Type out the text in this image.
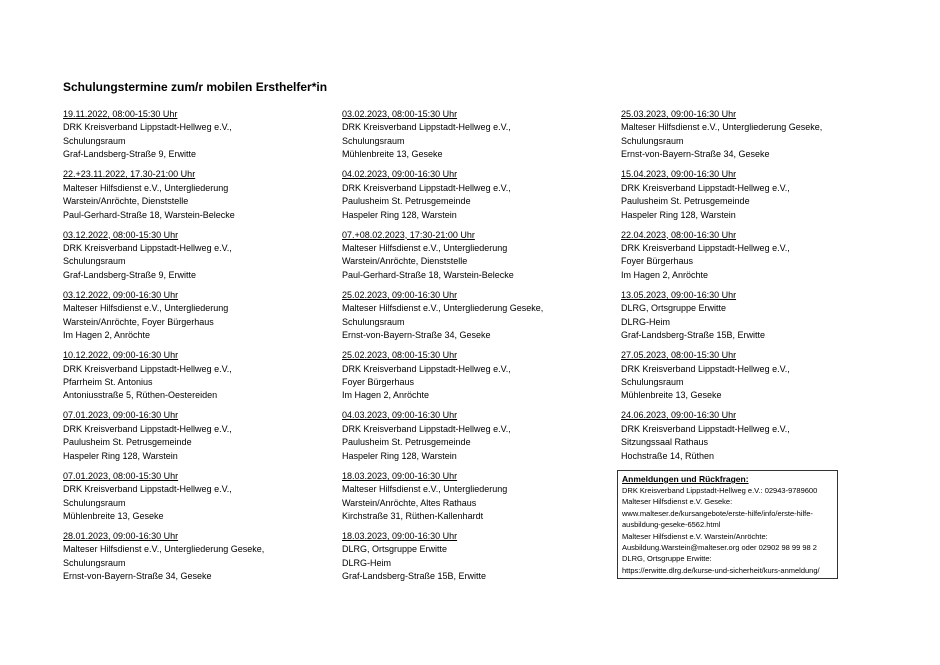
Schulungstermine zum/r mobilen Ersthelfer*in
19.11.2022, 08:00-15:30 Uhr
DRK Kreisverband Lippstadt-Hellweg e.V.,
Schulungsraum
Graf-Landsberg-Straße 9, Erwitte
22.+23.11.2022, 17.30-21:00 Uhr
Malteser Hilfsdienst e.V., Untergliederung
Warstein/Anröchte, Dienststelle
Paul-Gerhard-Straße 18, Warstein-Belecke
03.12.2022, 08:00-15:30 Uhr
DRK Kreisverband Lippstadt-Hellweg e.V.,
Schulungsraum
Graf-Landsberg-Straße 9, Erwitte
03.12.2022, 09:00-16:30 Uhr
Malteser Hilfsdienst e.V., Untergliederung
Warstein/Anröchte, Foyer Bürgerhaus
Im Hagen 2, Anröchte
10.12.2022, 09:00-16:30 Uhr
DRK Kreisverband Lippstadt-Hellweg e.V.,
Pfarrheim St. Antonius
Antoniusstraße 5, Rüthen-Oestereiden
07.01.2023, 09:00-16:30 Uhr
DRK Kreisverband Lippstadt-Hellweg e.V.,
Paulusheim St. Petrusgemeinde
Haspeler Ring 128, Warstein
07.01.2023, 08:00-15:30 Uhr
DRK Kreisverband Lippstadt-Hellweg e.V.,
Schulungsraum
Mühlenbreite 13, Geseke
28.01.2023, 09:00-16:30 Uhr
Malteser Hilfsdienst e.V., Untergliederung Geseke,
Schulungsraum
Ernst-von-Bayern-Straße 34, Geseke
03.02.2023, 08:00-15:30 Uhr
DRK Kreisverband Lippstadt-Hellweg e.V.,
Schulungsraum
Mühlenbreite 13, Geseke
04.02.2023, 09:00-16:30 Uhr
DRK Kreisverband Lippstadt-Hellweg e.V.,
Paulusheim St. Petrusgemeinde
Haspeler Ring 128, Warstein
07.+08.02.2023, 17:30-21:00 Uhr
Malteser Hilfsdienst e.V., Untergliederung
Warstein/Anröchte, Dienststelle
Paul-Gerhard-Straße 18, Warstein-Belecke
25.02.2023, 09:00-16:30 Uhr
Malteser Hilfsdienst e.V., Untergliederung Geseke,
Schulungsraum
Ernst-von-Bayern-Straße 34, Geseke
25.02.2023, 08:00-15:30 Uhr
DRK Kreisverband Lippstadt-Hellweg e.V.,
Foyer Bürgerhaus
Im Hagen 2, Anröchte
04.03.2023, 09:00-16:30 Uhr
DRK Kreisverband Lippstadt-Hellweg e.V.,
Paulusheim St. Petrusgemeinde
Haspeler Ring 128, Warstein
18.03.2023, 09:00-16:30 Uhr
Malteser Hilfsdienst e.V., Untergliederung
Warstein/Anröchte, Altes Rathaus
Kirchstraße 31, Rüthen-Kallenhardt
18.03.2023, 09:00-16:30 Uhr
DLRG, Ortsgruppe Erwitte
DLRG-Heim
Graf-Landsberg-Straße 15B, Erwitte
25.03.2023, 09:00-16:30 Uhr
Malteser Hilfsdienst e.V., Untergliederung Geseke,
Schulungsraum
Ernst-von-Bayern-Straße 34, Geseke
15.04.2023, 09:00-16:30 Uhr
DRK Kreisverband Lippstadt-Hellweg e.V.,
Paulusheim St. Petrusgemeinde
Haspeler Ring 128, Warstein
22.04.2023, 08:00-16:30 Uhr
DRK Kreisverband Lippstadt-Hellweg e.V.,
Foyer Bürgerhaus
Im Hagen 2, Anröchte
13.05.2023, 09:00-16:30 Uhr
DLRG, Ortsgruppe Erwitte
DLRG-Heim
Graf-Landsberg-Straße 15B, Erwitte
27.05.2023, 08:00-15:30 Uhr
DRK Kreisverband Lippstadt-Hellweg e.V.,
Schulungsraum
Mühlenbreite 13, Geseke
24.06.2023, 09:00-16:30 Uhr
DRK Kreisverband Lippstadt-Hellweg e.V.,
Sitzungssaal Rathaus
Hochstraße 14, Rüthen
Anmeldungen und Rückfragen:
DRK Kreisverband Lippstadt-Hellweg e.V.: 02943-9789600
Malteser Hilfsdienst e.V. Geseke:
www.malteser.de/kursangebote/erste-hilfe/info/erste-hilfe-
ausbildung-geseke-6562.html
Malteser Hilfsdienst e.V. Warstein/Anröchte:
Ausbildung.Warstein@malteser.org oder 02902 98 99 98 2
DLRG, Ortsgruppe Erwitte:
https://erwitte.dlrg.de/kurse-und-sicherheit/kurs-anmeldung/
